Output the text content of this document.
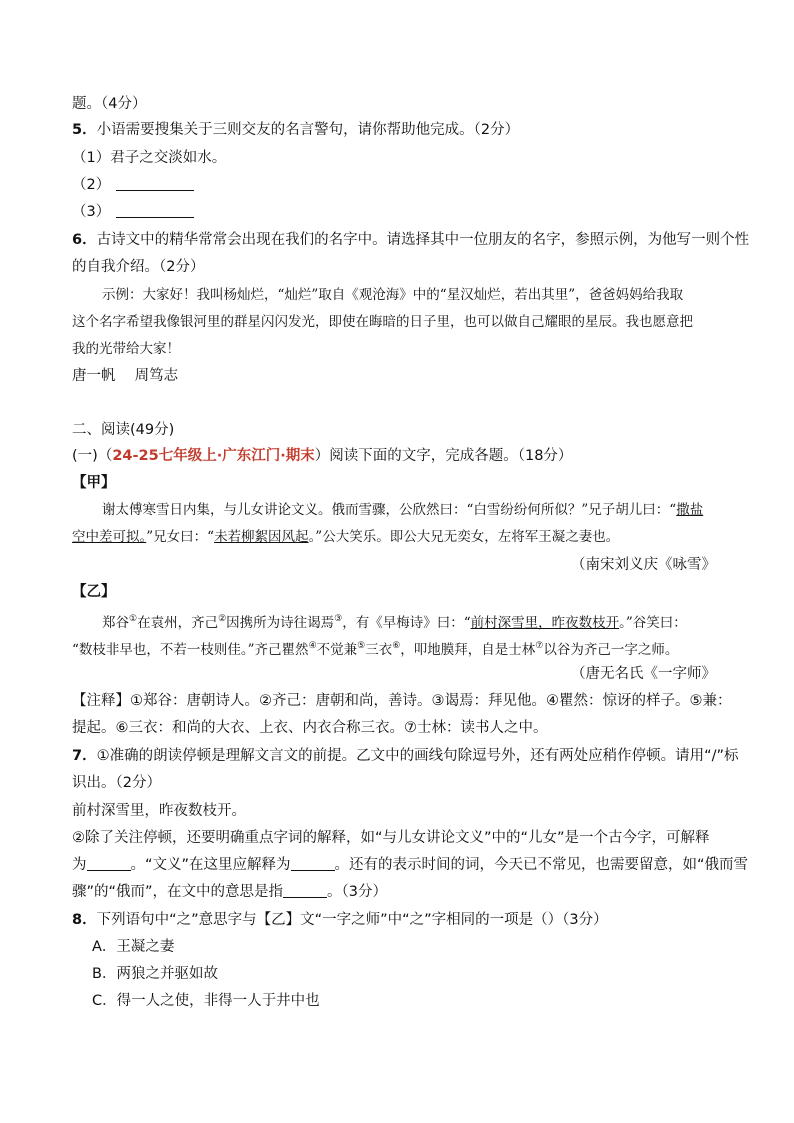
题。（4分）
5．小语需要搜集关于三则交友的名言警句，请你帮助他完成。（2分）
（1）君子之交淡如水。
（2）
（3）
6．古诗文中的精华常常会出现在我们的名字中。请选择其中一位朋友的名字，参照示例，为他写一则个性
的自我介绍。（2分）
示例：大家好！我叫杨灿烂，“灿烂”取自《观沧海》中的“星汉灿烂，若出其里”，爸爸妈妈给我取
这个名字希望我像银河里的群星闪闪发光，即使在晦暗的日子里，也可以做自己耀眼的星辰。我也愿意把
我的光带给大家！
唐一帆　 周笃志
二、阅读(49分)
(一)（24-25七年级上·广东江门·期末）阅读下面的文字，完成各题。（18分）
【甲】
谢太傅寒雪日内集，与儿女讲论文义。俄而雪骤，公欣然曰：“白雪纷纷何所似？”兄子胡儿曰：“撒盐
空中差可拟。”兄女曰：“未若柳絮因风起。”公大笑乐。即公大兄无奕女，左将军王凝之妻也。
（南宋刘义庆《咏雪》
【乙】
郑谷①在袁州，齐己②因携所为诗往谒焉③，有《早梅诗》曰：“前村深雪里，昨夜数枝开。”谷笑曰：
“数枝非早也，不若一枝则佳。”齐己瞿然④不觉兼⑤三衣⑥，叩地膜拜，自是士林⑦以谷为齐己一字之师。
（唐无名氏《一字师》
【注释】①郑谷：唐朝诗人。②齐己：唐朝和尚，善诗。③谒焉：拜见他。④瞿然：惊讶的样子。⑤兼：
提起。⑥三衣：和尚的大衣、上衣、内衣合称三衣。⑦士林：读书人之中。
7．①准确的朗读停顿是理解文言文的前提。乙文中的画线句除逗号外，还有两处应稍作停顿。请用“/”标
识出。（2分）
前村深雪里，昨夜数枝开。
②除了关注停顿，还要明确重点字词的解释，如“与儿女讲论文义”中的“儿女”是一个古今字，可解释
为	。“文义”在这里应解释为	。还有的表示时间的词，今天已不常见，也需要留意，如“俄而雪
骤”的“俄而”，在文中的意思是指	。（3分）
8．下列语句中“之”意思字与【乙】文“一字之师”中“之”字相同的一项是（）（3分）
A．王凝之妻
B．两狼之并驱如故
C．得一人之使，非得一人于井中也
